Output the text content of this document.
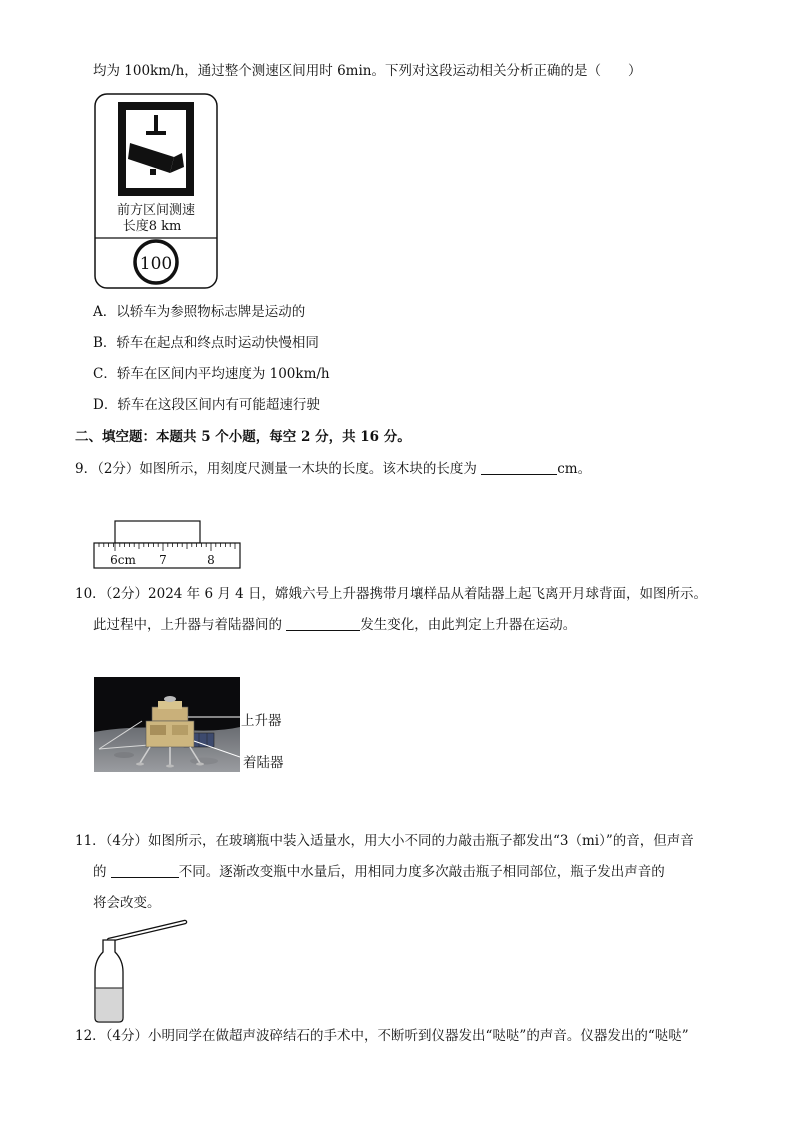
均为 100km/h，通过整个测速区间用时 6min。下列对这段运动相关分析正确的是（　　）
前方区间测速
长度8 km
100
A．以轿车为参照物标志牌是运动的
B．轿车在起点和终点时运动快慢相同
C．轿车在区间内平均速度为 100km/h
D．轿车在这段区间内有可能超速行驶
二、填空题：本题共 5 个小题，每空 2 分，共 16 分。
9．（2分）如图所示，用刻度尺测量一木块的长度。该木块的长度为	cm。
6cm 7	8
10．（2分）2024 年 6 月 4 日，嫦娥六号上升器携带月壤样品从着陆器上起飞离开月球背面，如图所示。
此过程中，上升器与着陆器间的	发生变化，由此判定上升器在运动。
上升器
着陆器
11．（4分）如图所示，在玻璃瓶中装入适量水，用大小不同的力敲击瓶子都发出“3（mi）”的音，但声音
的	不同。逐渐改变瓶中水量后，用相同力度多次敲击瓶子相同部位，瓶子发出声音的
将会改变。
12．（4分）小明同学在做超声波碎结石的手术中，不断听到仪器发出“哒哒”的声音。仪器发出的“哒哒”
